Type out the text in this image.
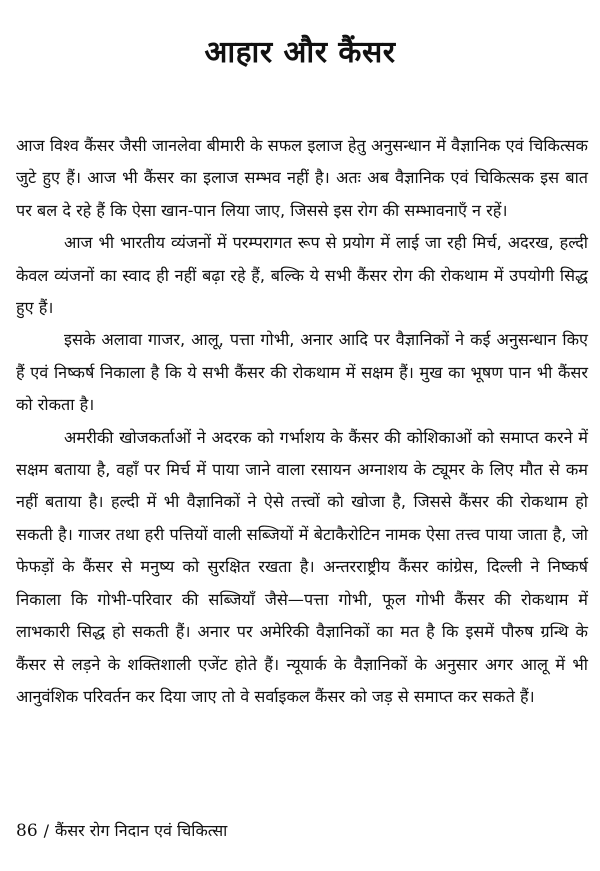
आहार और कैंसर

आज विश्व कैंसर जैसी जानलेवा बीमारी के सफल इलाज हेतु अनुसन्धान में वैज्ञानिक एवं चिकित्सक जुटे हुए हैं। आज भी कैंसर का इलाज सम्भव नहीं है। अतः अब वैज्ञानिक एवं चिकित्सक इस बात पर बल दे रहे हैं कि ऐसा खान-पान लिया जाए, जिससे इस रोग की सम्भावनाएँ न रहें।

आज भी भारतीय व्यंजनों में परम्परागत रूप से प्रयोग में लाई जा रही मिर्च, अदरख, हल्दी केवल व्यंजनों का स्वाद ही नहीं बढ़ा रहे हैं, बल्कि ये सभी कैंसर रोग की रोकथाम में उपयोगी सिद्ध हुए हैं।

इसके अलावा गाजर, आलू, पत्ता गोभी, अनार आदि पर वैज्ञानिकों ने कई अनुसन्धान किए हैं एवं निष्कर्ष निकाला है कि ये सभी कैंसर की रोकथाम में सक्षम हैं। मुख का भूषण पान भी कैंसर को रोकता है।

अमरीकी खोजकर्ताओं ने अदरक को गर्भाशय के कैंसर की कोशिकाओं को समाप्त करने में सक्षम बताया है, वहाँ पर मिर्च में पाया जाने वाला रसायन अग्नाशय के ट्यूमर के लिए मौत से कम नहीं बताया है। हल्दी में भी वैज्ञानिकों ने ऐसे तत्त्वों को खोजा है, जिससे कैंसर की रोकथाम हो सकती है। गाजर तथा हरी पत्तियों वाली सब्जियों में बेटाकैरोटिन नामक ऐसा तत्त्व पाया जाता है, जो फेफड़ों के कैंसर से मनुष्य को सुरक्षित रखता है। अन्तरराष्ट्रीय कैंसर कांग्रेस, दिल्ली ने निष्कर्ष निकाला कि गोभी-परिवार की सब्जियाँ जैसे—पत्ता गोभी, फूल गोभी कैंसर की रोकथाम में लाभकारी सिद्ध हो सकती हैं। अनार पर अमेरिकी वैज्ञानिकों का मत है कि इसमें पौरुष ग्रन्थि के कैंसर से लड़ने के शक्तिशाली एजेंट होते हैं। न्यूयार्क के वैज्ञानिकों के अनुसार अगर आलू में भी आनुवंशिक परिवर्तन कर दिया जाए तो वे सर्वाइकल कैंसर को जड़ से समाप्त कर सकते हैं।

86 / कैंसर रोग निदान एवं चिकित्सा
